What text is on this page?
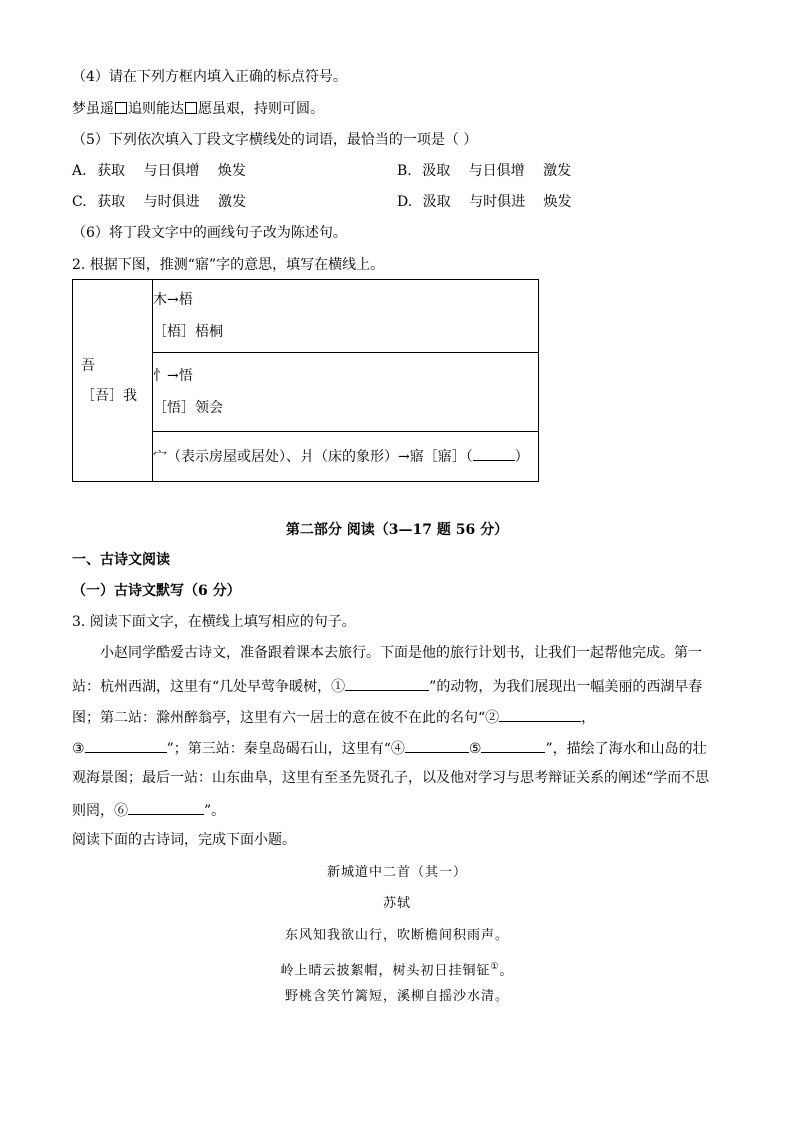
（4）请在下列方框内填入正确的标点符号。
梦虽遥 追则能达 愿虽艰，持则可圆。
（5）下列依次填入丁段文字横线处的词语，最恰当的一项是（ ）
A. 获取 与日俱增 焕发	B. 汲取 与日俱增 激发
C. 获取 与时俱进 激发	D. 汲取 与时俱进 焕发
（6）将丁段文字中的画线句子改为陈述句。
2. 根据下图，推测“寤”字的意思，填写在横线上。
吾
［吾］我

木→梧
［梧］梧桐

忄→悟
［悟］领会

宀（表示房屋或居处）、爿（床的象形）→寤［寤］（	）
第二部分 阅读（3—17 题 56 分）
一、古诗文阅读
（一）古诗文默写（6 分）
3. 阅读下面文字，在横线上填写相应的句子。
小赵同学酷爱古诗文，准备跟着课本去旅行。下面是他的旅行计划书，让我们一起帮他完成。第一
站：杭州西湖，这里有“几处早莺争暖树，①	”的动物，为我们展现出一幅美丽的西湖早春
图；第二站：滁州醉翁亭，这里有六一居士的意在彼不在此的名句“②	，
③	”；第三站：秦皇岛碣石山，这里有“④	⑤	”，描绘了海水和山岛的壮
观海景图；最后一站：山东曲阜，这里有至圣先贤孔子，以及他对学习与思考辩证关系的阐述“学而不思
则罔，⑥	”。
阅读下面的古诗词，完成下面小题。
新城道中二首（其一）
苏轼
东风知我欲山行，吹断檐间积雨声。
岭上晴云披絮帽，树头初日挂铜钲①。
野桃含笑竹篱短，溪柳自摇沙水清。
